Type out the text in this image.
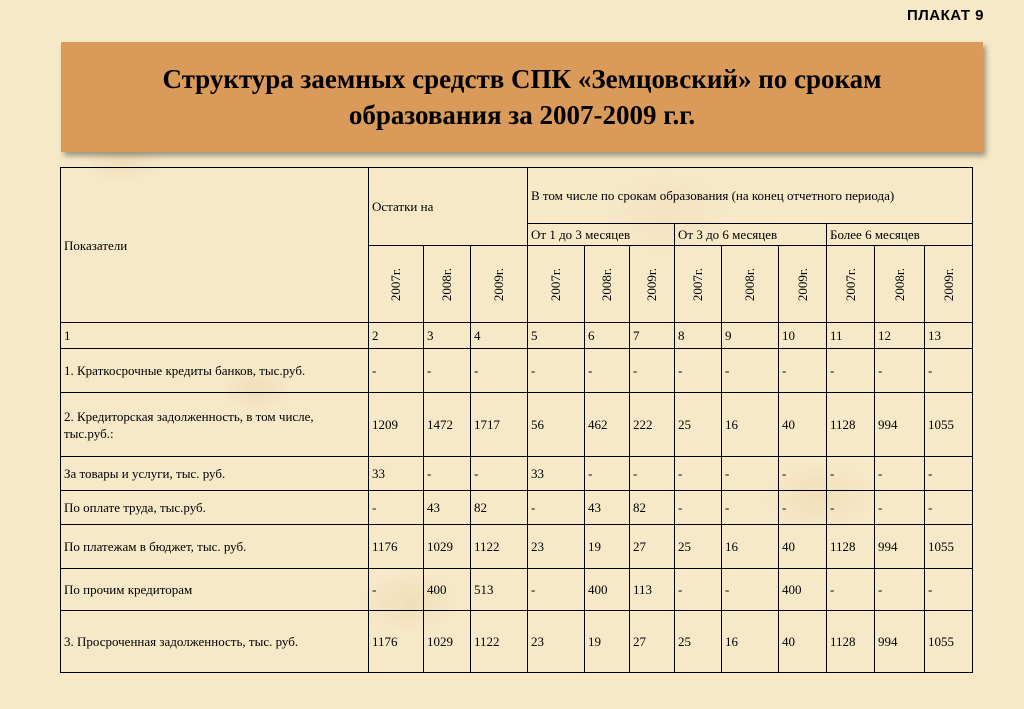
ПЛАКАТ 9
Структура заемных средств СПК «Земцовский» по срокам
образования за 2007-2009 г.г.
Показатели	Остатки на			В том числе по срокам образования (на конец отчетного периода)								
				От 1 до 3 месяцев			От 3 до 6 месяцев			Более 6 месяцев		
	2007г.	2008г.	2009г.	2007г.	2008г.	2009г.	2007г.	2008г.	2009г.	2007г.	2008г.	2009г.
1	2	3	4	5	6	7	8	9	10	11	12	13
1. Краткосрочные кредиты банков, тыс.руб.	-	-	-	-	-	-	-	-	-	-	-	-
2. Кредиторская задолженность, в том числе, тыс.руб.:	1209	1472	1717	56	462	222	25	16	40	1128	994	1055
За товары и услуги, тыс. руб.	33	-	-	33	-	-	-	-	-	-	-	-
По оплате труда, тыс.руб.	-	43	82	-	43	82	-	-	-	-	-	-
По платежам в бюджет, тыс. руб.	1176	1029	1122	23	19	27	25	16	40	1128	994	1055
По прочим кредиторам	-	400	513	-	400	113	-	-	400	-	-	-
3. Просроченная задолженность, тыс. руб.	1176	1029	1122	23	19	27	25	16	40	1128	994	1055
